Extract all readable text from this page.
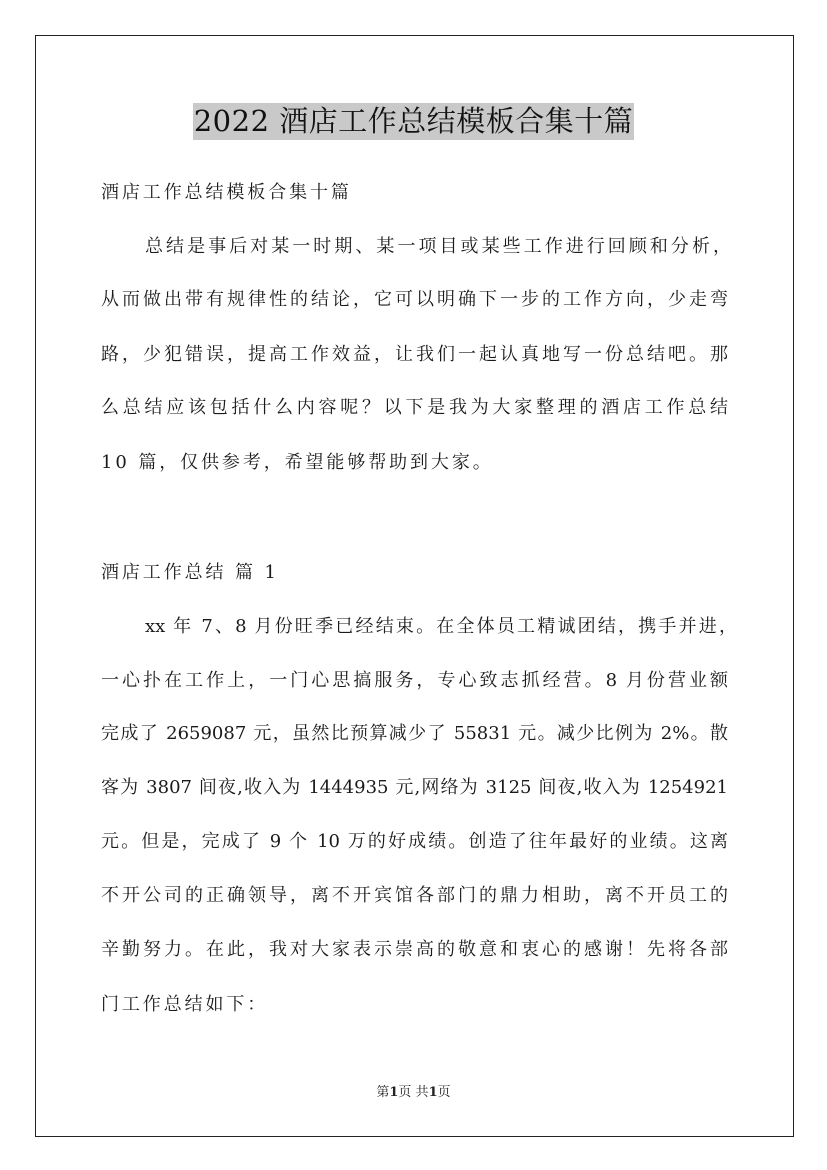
2022 酒店工作总结模板合集十篇
酒店工作总结模板合集十篇
总结是事后对某一时期、某一项目或某些工作进行回顾和分析，
从而做出带有规律性的结论，它可以明确下一步的工作方向，少走弯
路，少犯错误，提高工作效益，让我们一起认真地写一份总结吧。那
么总结应该包括什么内容呢？以下是我为大家整理的酒店工作总结
10 篇，仅供参考，希望能够帮助到大家。
酒店工作总结 篇 1
xx 年 7、8 月份旺季已经结束。在全体员工精诚团结，携手并进，
一心扑在工作上，一门心思搞服务，专心致志抓经营。8 月份营业额
完成了 2659087 元，虽然比预算减少了 55831 元。减少比例为 2%。散
客为 3807 间夜,收入为 1444935 元,网络为 3125 间夜,收入为 1254921
元。但是，完成了 9 个 10 万的好成绩。创造了往年最好的业绩。这离
不开公司的正确领导，离不开宾馆各部门的鼎力相助，离不开员工的
辛勤努力。在此，我对大家表示崇高的敬意和衷心的感谢！先将各部
门工作总结如下：
第1页 共1页
